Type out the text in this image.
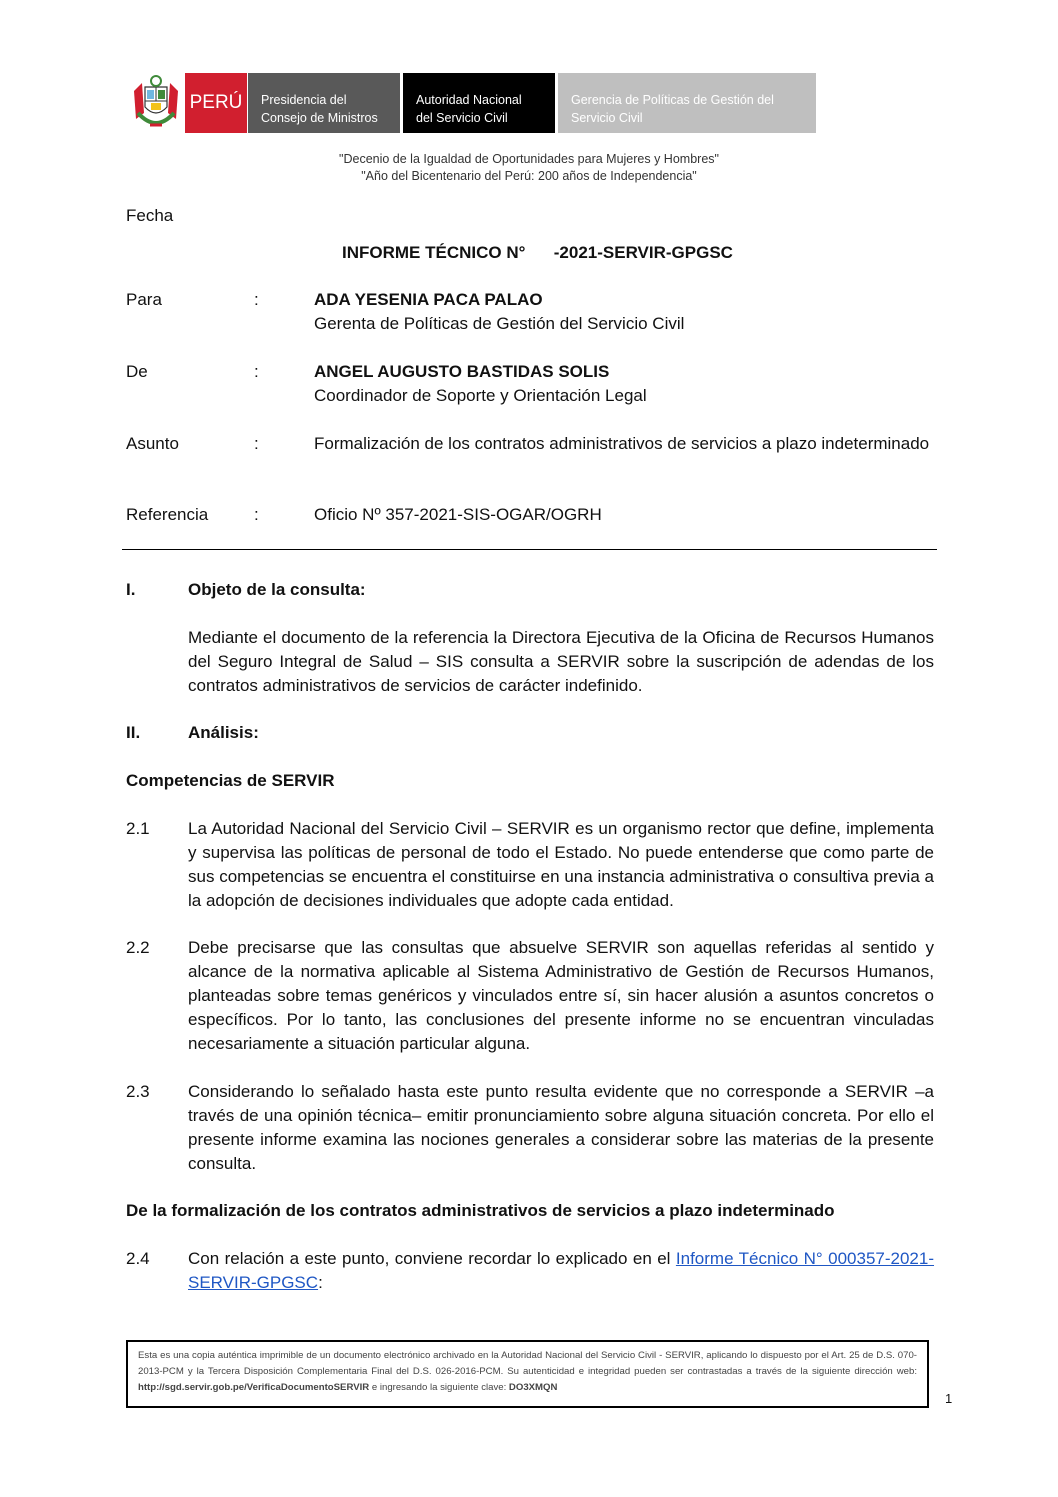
PERÚ	Presidencia del
Consejo de Ministros
Autoridad Nacional
del Servicio Civil
Gerencia de Políticas de Gestión del
Servicio Civil
"Decenio de la Igualdad de Oportunidades para Mujeres y Hombres"
"Año del Bicentenario del Perú: 200 años de Independencia"
Fecha
INFORME TÉCNICO N°      -2021-SERVIR-GPGSC
Para	:	ADA YESENIA PACA PALAO
Gerenta de Políticas de Gestión del Servicio Civil
De	:	ANGEL AUGUSTO BASTIDAS SOLIS
Coordinador de Soporte y Orientación Legal
Asunto	:	Formalización de los contratos administrativos de servicios a plazo indeterminado
Referencia	:	Oficio Nº 357-2021-SIS-OGAR/OGRH
I.	Objeto de la consulta:
Mediante el documento de la referencia la Directora Ejecutiva de la Oficina de Recursos Humanos del Seguro Integral de Salud – SIS consulta a SERVIR sobre la suscripción de adendas de los contratos administrativos de servicios de carácter indefinido.
II.	Análisis:
Competencias de SERVIR
2.1 La Autoridad Nacional del Servicio Civil – SERVIR es un organismo rector que define, implementa y supervisa las políticas de personal de todo el Estado. No puede entenderse que como parte de sus competencias se encuentra el constituirse en una instancia administrativa o consultiva previa a la adopción de decisiones individuales que adopte cada entidad.
2.2 Debe precisarse que las consultas que absuelve SERVIR son aquellas referidas al sentido y alcance de la normativa aplicable al Sistema Administrativo de Gestión de Recursos Humanos, planteadas sobre temas genéricos y vinculados entre sí, sin hacer alusión a asuntos concretos o específicos. Por lo tanto, las conclusiones del presente informe no se encuentran vinculadas necesariamente a situación particular alguna.
2.3 Considerando lo señalado hasta este punto resulta evidente que no corresponde a SERVIR –a través de una opinión técnica– emitir pronunciamiento sobre alguna situación concreta. Por ello el presente informe examina las nociones generales a considerar sobre las materias de la presente consulta.
De la formalización de los contratos administrativos de servicios a plazo indeterminado
2.4 Con relación a este punto, conviene recordar lo explicado en el Informe Técnico N° 000357-2021-SERVIR-GPGSC:
Esta es una copia auténtica imprimible de un documento electrónico archivado en la Autoridad Nacional del Servicio Civil - SERVIR, aplicando lo dispuesto por el Art. 25 de D.S. 070-2013-PCM y la Tercera Disposición Complementaria Final del D.S. 026-2016-PCM. Su autenticidad e integridad pueden ser contrastadas a través de la siguiente dirección web: http://sgd.servir.gob.pe/VerificaDocumentoSERVIR e ingresando la siguiente clave: DO3XMQN
1
